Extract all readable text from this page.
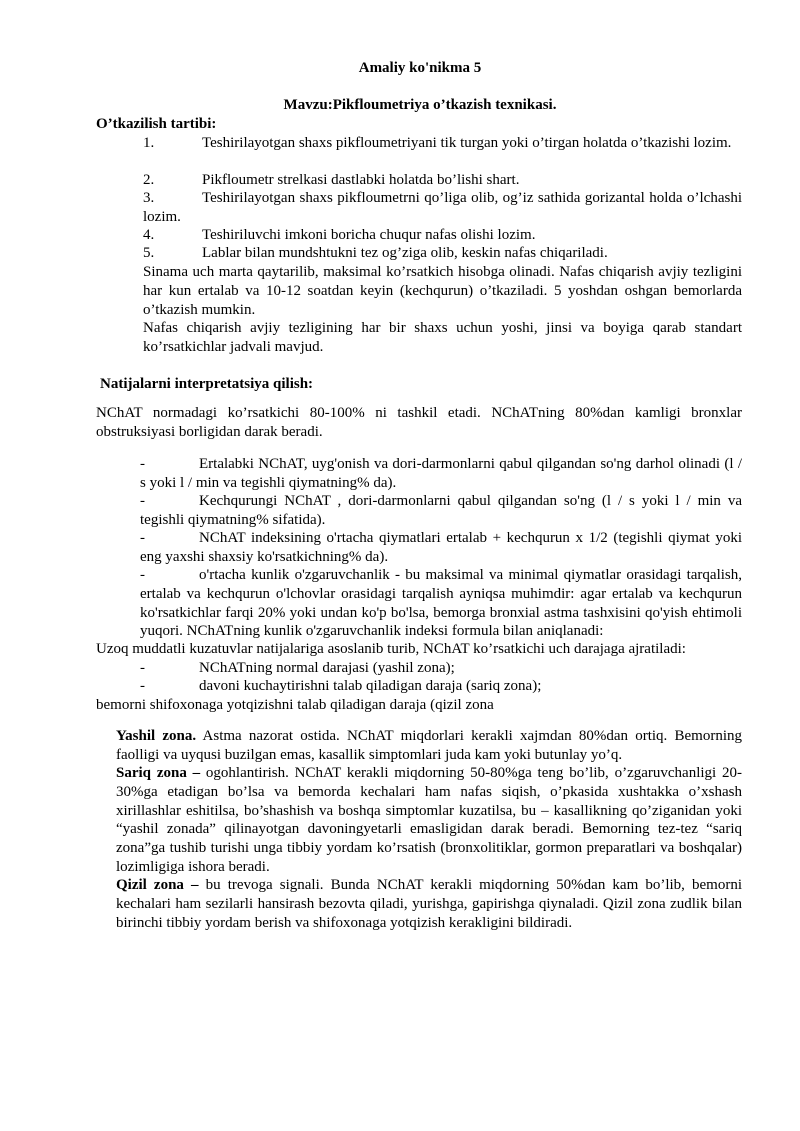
Amaliy ko'nikma 5
Mavzu:Pikfloumetriya o’tkazish texnikasi.
O’tkazilish tartibi:
1.	Teshirilayotgan shaxs pikfloumetriyani tik turgan yoki o’tirgan holatda o’tkazishi lozim.
2.	Pikfloumetr strelkasi dastlabki holatda bo’lishi shart.
3.	Teshirilayotgan shaxs pikfloumetrni qo’liga olib, og’iz sathida gorizantal holda o’lchashi lozim.
4.	Teshiriluvchi imkoni boricha chuqur nafas olishi lozim.
5.	Lablar bilan mundshtukni tez og’ziga olib, keskin nafas chiqariladi.
Sinama uch marta qaytarilib, maksimal ko’rsatkich hisobga olinadi. Nafas chiqarish avjiy tezligini har kun ertalab va 10-12 soatdan keyin (kechqurun) o’tkaziladi. 5 yoshdan oshgan bemorlarda o’tkazish mumkin.
Nafas chiqarish avjiy tezligining har bir shaxs uchun yoshi, jinsi va boyiga qarab standart ko’rsatkichlar jadvali mavjud.
Natijalarni interpretatsiya qilish:
NChAT normadagi ko’rsatkichi 80-100% ni tashkil etadi. NChATning 80%dan kamligi bronxlar obstruksiyasi borligidan darak beradi.
-	Ertalabki NChAT, uyg'onish va dori-darmonlarni qabul qilgandan so'ng darhol olinadi (l / s yoki l / min va tegishli qiymatning% da).
-	Kechqurungi NChAT , dori-darmonlarni qabul qilgandan so'ng (l / s yoki l / min va tegishli qiymatning% sifatida).
-	NChAT indeksining o'rtacha qiymatlari ertalab + kechqurun x 1/2 (tegishli qiymat yoki eng yaxshi shaxsiy ko'rsatkichning% da).
-	o'rtacha kunlik o'zgaruvchanlik - bu maksimal va minimal qiymatlar orasidagi tarqalish, ertalab va kechqurun o'lchovlar orasidagi tarqalish ayniqsa muhimdir: agar ertalab va kechqurun ko'rsatkichlar farqi 20% yoki undan ko'p bo'lsa, bemorga bronxial astma tashxisini qo'yish ehtimoli yuqori. NChATning kunlik o'zgaruvchanlik indeksi formula bilan aniqlanadi:
Uzoq muddatli kuzatuvlar natijalariga asoslanib turib, NChAT ko’rsatkichi uch darajaga ajratiladi:
-	NChATning normal darajasi (yashil zona);
-	davoni kuchaytirishni talab qiladigan daraja (sariq zona);
bemorni shifoxonaga yotqizishni talab qiladigan daraja (qizil zona
Yashil zona. Astma nazorat ostida. NChAT miqdorlari kerakli xajmdan 80%dan ortiq. Bemorning faolligi va uyqusi buzilgan emas, kasallik simptomlari juda kam yoki butunlay yo’q.
Sariq zona – ogohlantirish. NChAT kerakli miqdorning 50-80%ga teng bo’lib, o’zgaruvchanligi 20-30%ga etadigan bo’lsa va bemorda kechalari ham nafas siqish, o’pkasida xushtakka o’xshash xirillashlar eshitilsa, bo’shashish va boshqa simptomlar kuzatilsa, bu – kasallikning qo’ziganidan yoki “yashil zonada” qilinayotgan davoningyetarli emasligidan darak beradi. Bemorning tez-tez “sariq zona”ga tushib turishi unga tibbiy yordam ko’rsatish (bronxolitiklar, gormon preparatlari va boshqalar) lozimligiga ishora beradi.
Qizil zona – bu trevoga signali. Bunda NChAT kerakli miqdorning 50%dan kam bo’lib, bemorni kechalari ham sezilarli hansirash bezovta qiladi, yurishga, gapirishga qiynaladi. Qizil zona zudlik bilan birinchi tibbiy yordam berish va shifoxonaga yotqizish kerakligini bildiradi.
